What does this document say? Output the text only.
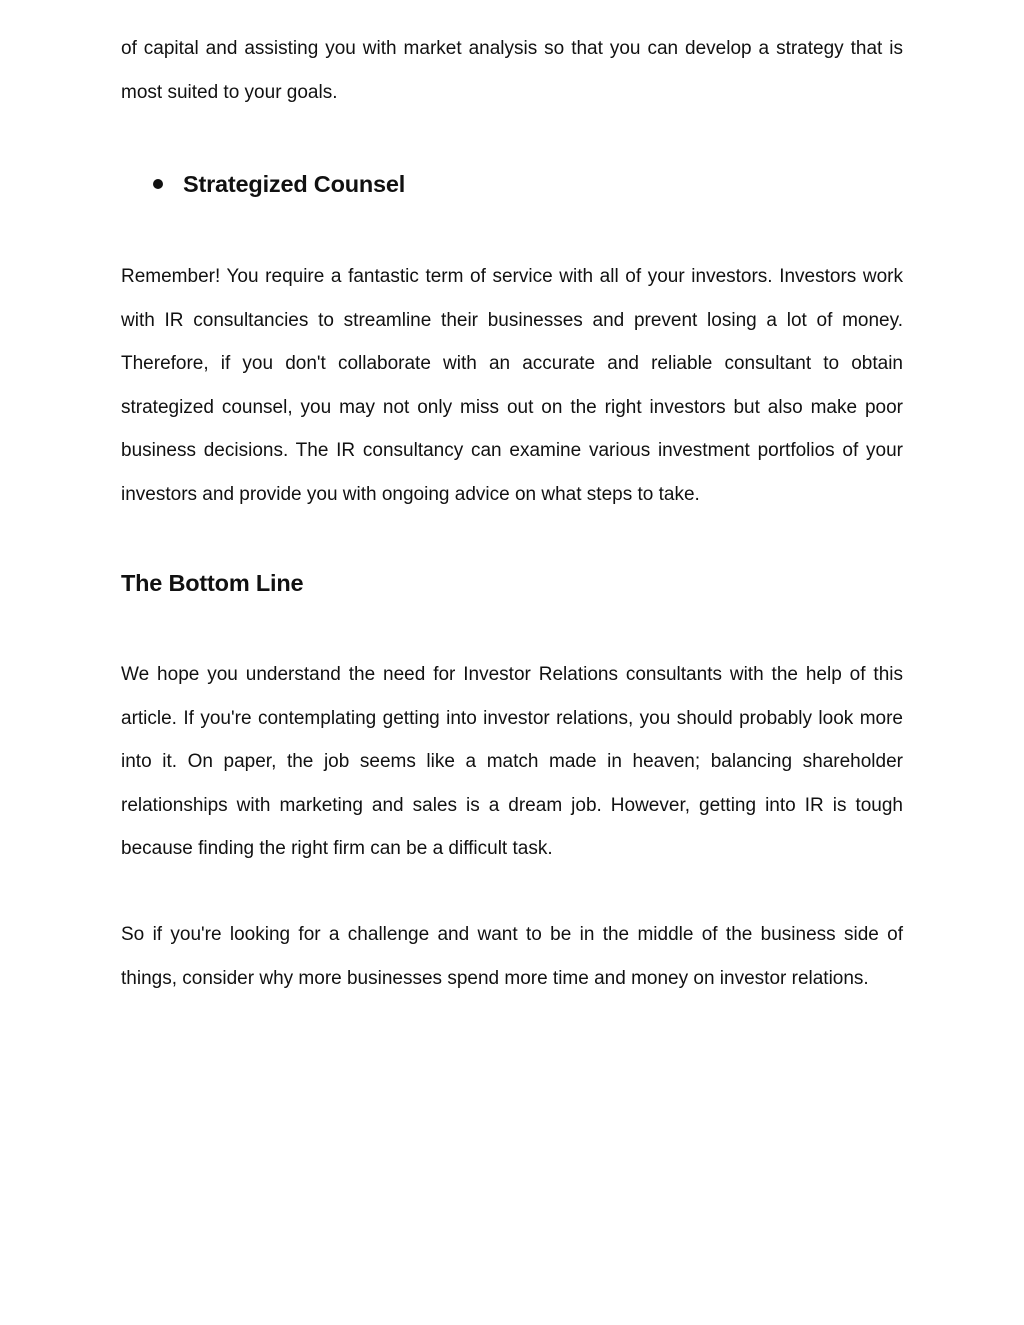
of capital and assisting you with market analysis so that you can develop a strategy that is most suited to your goals.

Strategized Counsel

Remember! You require a fantastic term of service with all of your investors. Investors work with IR consultancies to streamline their businesses and prevent losing a lot of money. Therefore, if you don't collaborate with an accurate and reliable consultant to obtain strategized counsel, you may not only miss out on the right investors but also make poor business decisions. The IR consultancy can examine various investment portfolios of your investors and provide you with ongoing advice on what steps to take.

The Bottom Line

We hope you understand the need for Investor Relations consultants with the help of this article. If you're contemplating getting into investor relations, you should probably look more into it. On paper, the job seems like a match made in heaven; balancing shareholder relationships with marketing and sales is a dream job. However, getting into IR is tough because finding the right firm can be a difficult task.

So if you're looking for a challenge and want to be in the middle of the business side of things, consider why more businesses spend more time and money on investor relations.
